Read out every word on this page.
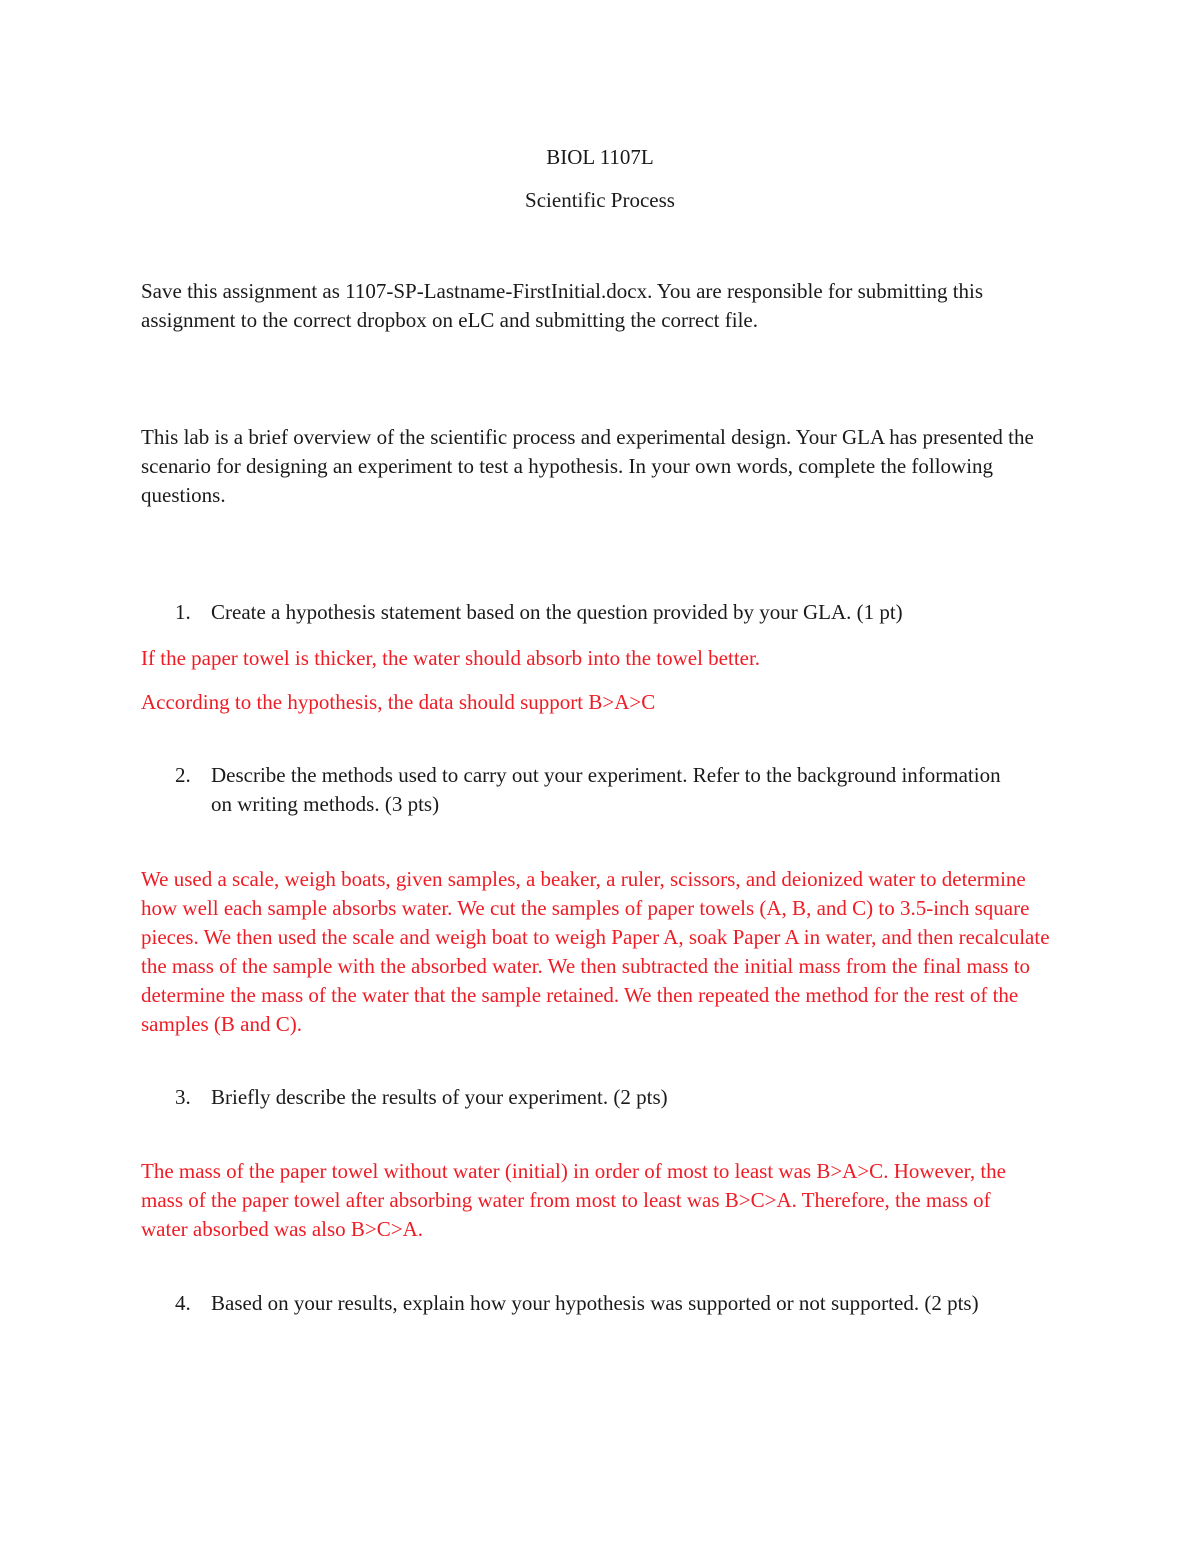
BIOL 1107L
Scientific Process
Save this assignment as 1107-SP-Lastname-FirstInitial.docx. You are responsible for submitting this assignment to the correct dropbox on eLC and submitting the correct file.
This lab is a brief overview of the scientific process and experimental design. Your GLA has presented the scenario for designing an experiment to test a hypothesis. In your own words, complete the following questions.
1. Create a hypothesis statement based on the question provided by your GLA. (1 pt)
If the paper towel is thicker, the water should absorb into the towel better.
According to the hypothesis, the data should support B>A>C
2. Describe the methods used to carry out your experiment. Refer to the background information on writing methods. (3 pts)
We used a scale, weigh boats, given samples, a beaker, a ruler, scissors, and deionized water to determine how well each sample absorbs water. We cut the samples of paper towels (A, B, and C) to 3.5-inch square pieces. We then used the scale and weigh boat to weigh Paper A, soak Paper A in water, and then recalculate the mass of the sample with the absorbed water. We then subtracted the initial mass from the final mass to determine the mass of the water that the sample retained. We then repeated the method for the rest of the samples (B and C).
3. Briefly describe the results of your experiment. (2 pts)
The mass of the paper towel without water (initial) in order of most to least was B>A>C. However, the mass of the paper towel after absorbing water from most to least was B>C>A. Therefore, the mass of water absorbed was also B>C>A.
4. Based on your results, explain how your hypothesis was supported or not supported. (2 pts)
